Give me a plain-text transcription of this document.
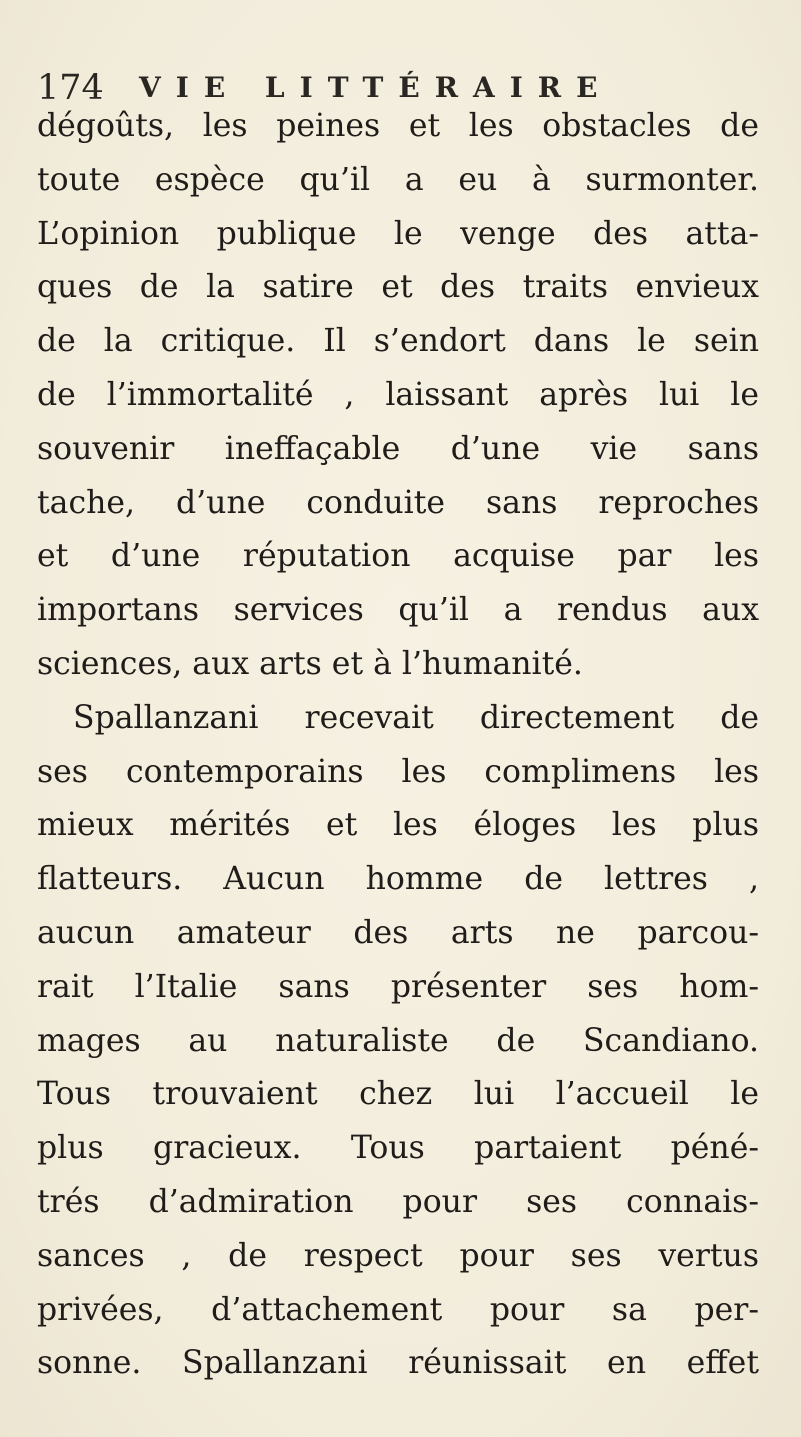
174 VIE LITTÉRAIRE
dégoûts, les peines et les obstacles de
toute espèce qu’il a eu à surmonter.
L’opinion publique le venge des atta-
ques de la satire et des traits envieux
de la critique. Il s’endort dans le sein
de l’immortalité , laissant après lui le
souvenir ineffaçable d’une vie sans
tache, d’une conduite sans reproches
et d’une réputation acquise par les
importans services qu’il a rendus aux
sciences, aux arts et à l’humanité.
Spallanzani recevait directement de
ses contemporains les complimens les
mieux mérités et les éloges les plus
flatteurs. Aucun homme de lettres ,
aucun amateur des arts ne parcou-
rait l’Italie sans présenter ses hom-
mages au naturaliste de Scandiano.
Tous trouvaient chez lui l’accueil le
plus gracieux. Tous partaient péné-
trés d’admiration pour ses connais-
sances , de respect pour ses vertus
privées, d’attachement pour sa per-
sonne. Spallanzani réunissait en effet
